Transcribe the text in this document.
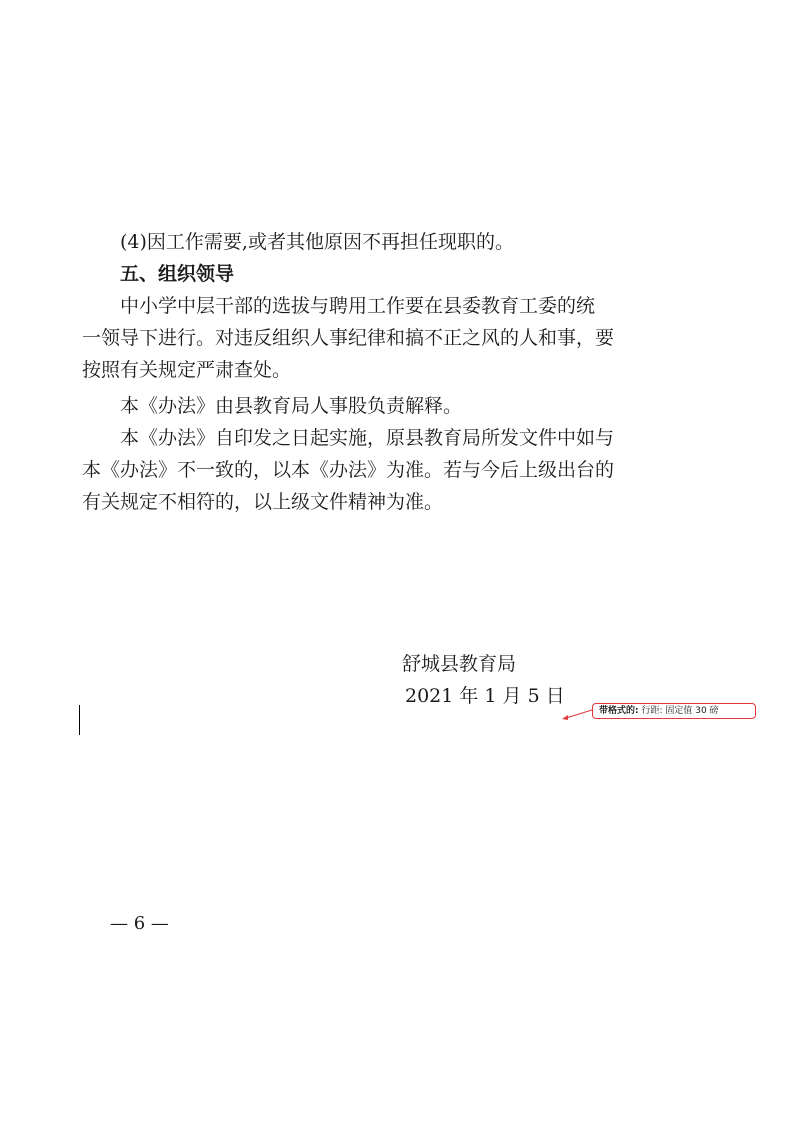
(4)因工作需要,或者其他原因不再担任现职的。
五、组织领导
中小学中层干部的选拔与聘用工作要在县委教育工委的统
一领导下进行。对违反组织人事纪律和搞不正之风的人和事，要
按照有关规定严肃查处。
本《办法》由县教育局人事股负责解释。
本《办法》自印发之日起实施，原县教育局所发文件中如与
本《办法》不一致的，以本《办法》为准。若与今后上级出台的
有关规定不相符的，以上级文件精神为准。
舒城县教育局
2021 年 1 月 5 日
带格式的: 行距: 固定值 30 磅
— 6 —
